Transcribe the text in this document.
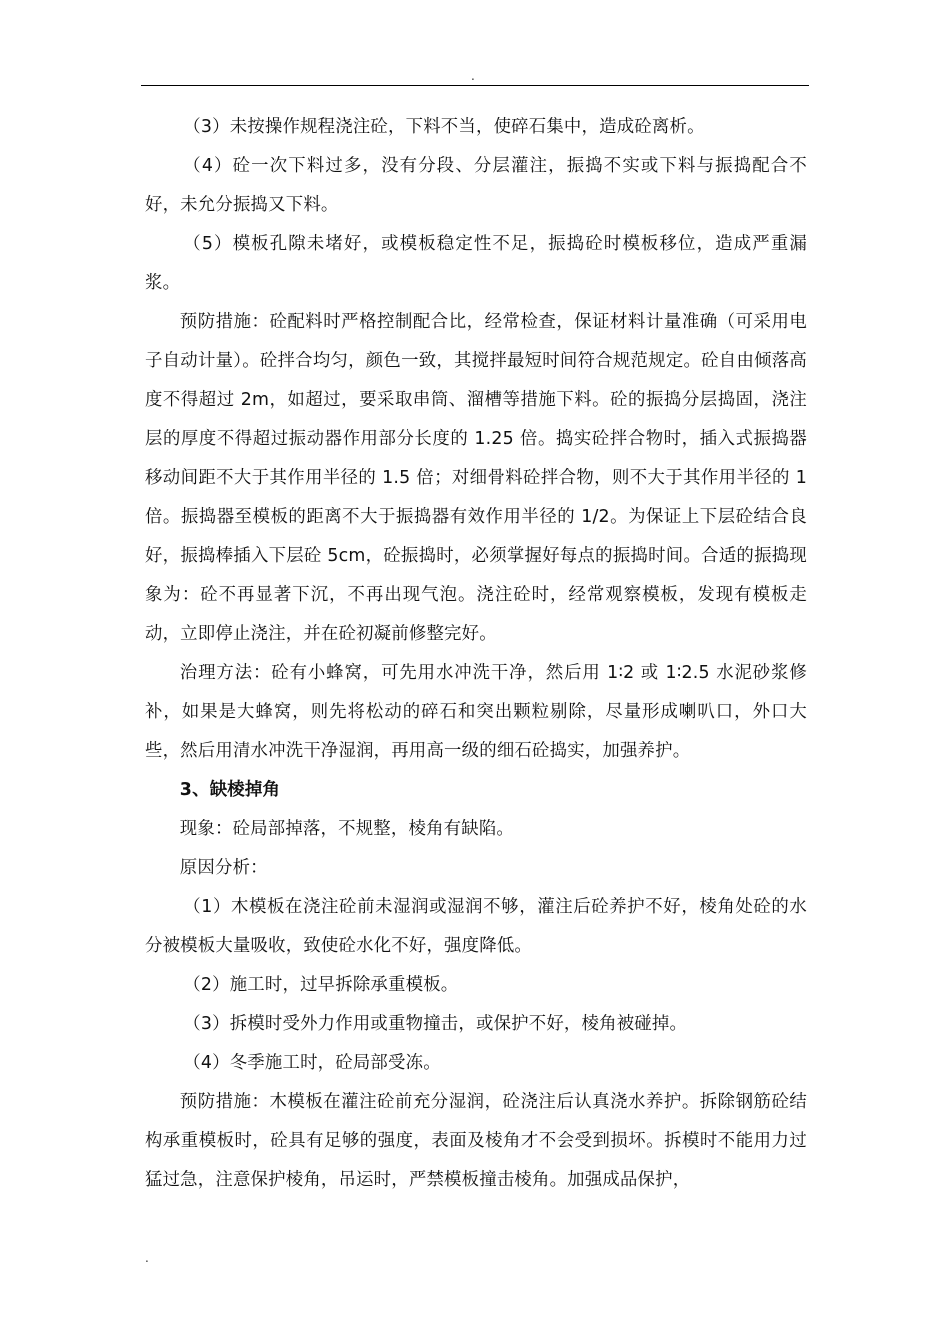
.

（3）未按操作规程浇注砼，下料不当，使碎石集中，造成砼离析。

（4）砼一次下料过多，没有分段、分层灌注，振捣不实或下料与振捣配合不好，未允分振捣又下料。

（5）模板孔隙未堵好，或模板稳定性不足，振捣砼时模板移位，造成严重漏浆。

预防措施：砼配料时严格控制配合比，经常检查，保证材料计量准确（可采用电子自动计量）。砼拌合均匀，颜色一致，其搅拌最短时间符合规范规定。砼自由倾落高度不得超过 2m，如超过，要采取串筒、溜槽等措施下料。砼的振捣分层捣固，浇注层的厚度不得超过振动器作用部分长度的 1.25 倍。捣实砼拌合物时，插入式振捣器移动间距不大于其作用半径的 1.5 倍；对细骨料砼拌合物，则不大于其作用半径的 1 倍。振捣器至模板的距离不大于振捣器有效作用半径的 1/2。为保证上下层砼结合良好，振捣棒插入下层砼 5cm，砼振捣时，必须掌握好每点的振捣时间。合适的振捣现象为：砼不再显著下沉，不再出现气泡。浇注砼时，经常观察模板，发现有模板走动，立即停止浇注，并在砼初凝前修整完好。

治理方法：砼有小蜂窝，可先用水冲洗干净，然后用 1∶2 或 1∶2.5 水泥砂浆修补，如果是大蜂窝，则先将松动的碎石和突出颗粒剔除，尽量形成喇叭口，外口大些，然后用清水冲洗干净湿润，再用高一级的细石砼捣实，加强养护。

3、缺棱掉角

现象：砼局部掉落，不规整，棱角有缺陷。

原因分析：

（1）木模板在浇注砼前未湿润或湿润不够，灌注后砼养护不好，棱角处砼的水分被模板大量吸收，致使砼水化不好，强度降低。

（2）施工时，过早拆除承重模板。

（3）拆模时受外力作用或重物撞击，或保护不好，棱角被碰掉。

（4）冬季施工时，砼局部受冻。

预防措施：木模板在灌注砼前充分湿润，砼浇注后认真浇水养护。拆除钢筋砼结构承重模板时，砼具有足够的强度，表面及棱角才不会受到损坏。拆模时不能用力过猛过急，注意保护棱角，吊运时，严禁模板撞击棱角。加强成品保护，

.
